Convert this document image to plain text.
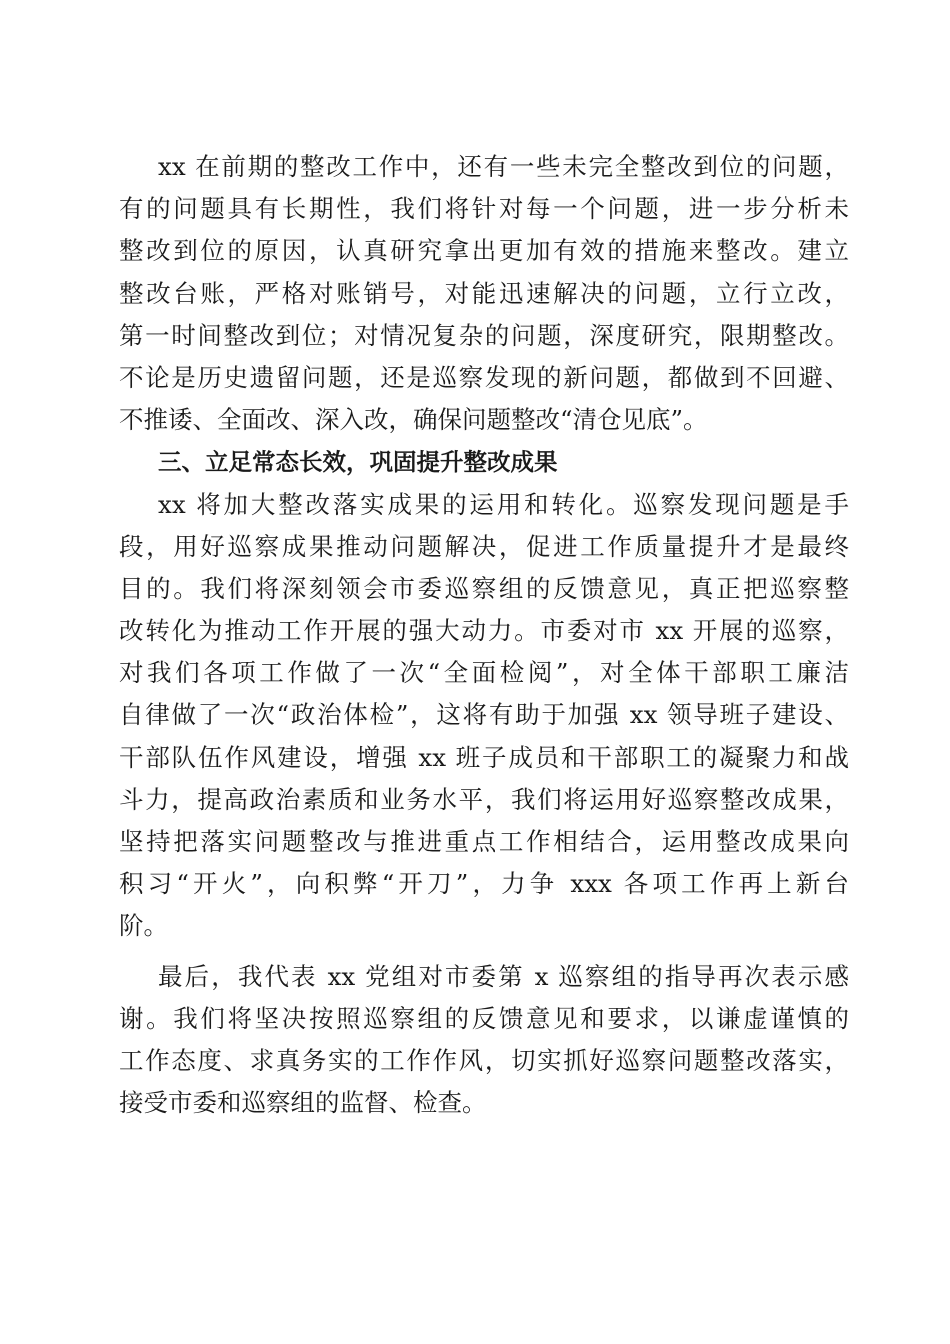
xx 在前期的整改工作中，还有一些未完全整改到位的问题，
有的问题具有长期性，我们将针对每一个问题，进一步分析未
整改到位的原因，认真研究拿出更加有效的措施来整改。建立
整改台账，严格对账销号，对能迅速解决的问题，立行立改，
第一时间整改到位；对情况复杂的问题，深度研究，限期整改。
不论是历史遗留问题，还是巡察发现的新问题，都做到不回避、
不推诿、全面改、深入改，确保问题整改“清仓见底”。
三、立足常态长效，巩固提升整改成果
xx 将加大整改落实成果的运用和转化。巡察发现问题是手
段，用好巡察成果推动问题解决，促进工作质量提升才是最终
目的。我们将深刻领会市委巡察组的反馈意见，真正把巡察整
改转化为推动工作开展的强大动力。市委对市 xx 开展的巡察，
对我们各项工作做了一次“全面检阅”，对全体干部职工廉洁
自律做了一次“政治体检”，这将有助于加强 xx 领导班子建设、
干部队伍作风建设，增强 xx 班子成员和干部职工的凝聚力和战
斗力，提高政治素质和业务水平，我们将运用好巡察整改成果，
坚持把落实问题整改与推进重点工作相结合，运用整改成果向
积习“开火”，向积弊“开刀”，力争 xxx 各项工作再上新台
阶。
最后，我代表 xx 党组对市委第 x 巡察组的指导再次表示感
谢。我们将坚决按照巡察组的反馈意见和要求，以谦虚谨慎的
工作态度、求真务实的工作作风，切实抓好巡察问题整改落实，
接受市委和巡察组的监督、检查。
